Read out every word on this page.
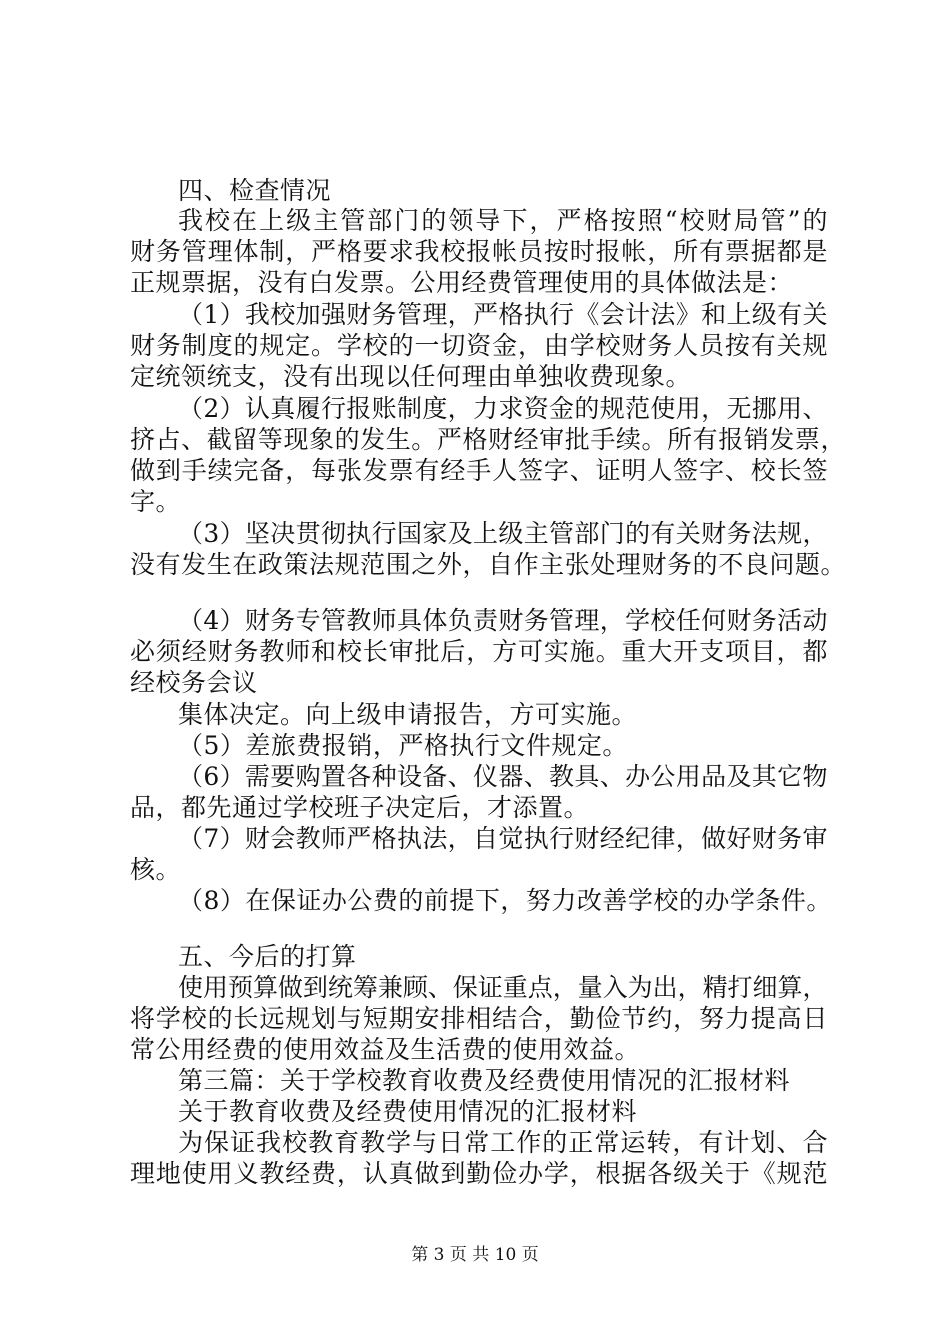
四、检查情况
我校在上级主管部门的领导下，严格按照“校财局管”的
财务管理体制，严格要求我校报帐员按时报帐，所有票据都是
正规票据，没有白发票。公用经费管理使用的具体做法是：
（1）我校加强财务管理，严格执行《会计法》和上级有关
财务制度的规定。学校的一切资金，由学校财务人员按有关规
定统领统支，没有出现以任何理由单独收费现象。
（2）认真履行报账制度，力求资金的规范使用，无挪用、
挤占、截留等现象的发生。严格财经审批手续。所有报销发票，
做到手续完备，每张发票有经手人签字、证明人签字、校长签
字。
（3）坚决贯彻执行国家及上级主管部门的有关财务法规，
没有发生在政策法规范围之外，自作主张处理财务的不良问题。
（4）财务专管教师具体负责财务管理，学校任何财务活动
必须经财务教师和校长审批后，方可实施。重大开支项目，都
经校务会议
集体决定。向上级申请报告，方可实施。
（5）差旅费报销，严格执行文件规定。
（6）需要购置各种设备、仪器、教具、办公用品及其它物
品，都先通过学校班子决定后，才添置。
（7）财会教师严格执法，自觉执行财经纪律，做好财务审
核。
（8）在保证办公费的前提下，努力改善学校的办学条件。
五、今后的打算
使用预算做到统筹兼顾、保证重点，量入为出，精打细算，
将学校的长远规划与短期安排相结合，勤俭节约，努力提高日
常公用经费的使用效益及生活费的使用效益。
第三篇：关于学校教育收费及经费使用情况的汇报材料
关于教育收费及经费使用情况的汇报材料
为保证我校教育教学与日常工作的正常运转，有计划、合
理地使用义教经费，认真做到勤俭办学，根据各级关于《规范
第 3 页 共 10 页
